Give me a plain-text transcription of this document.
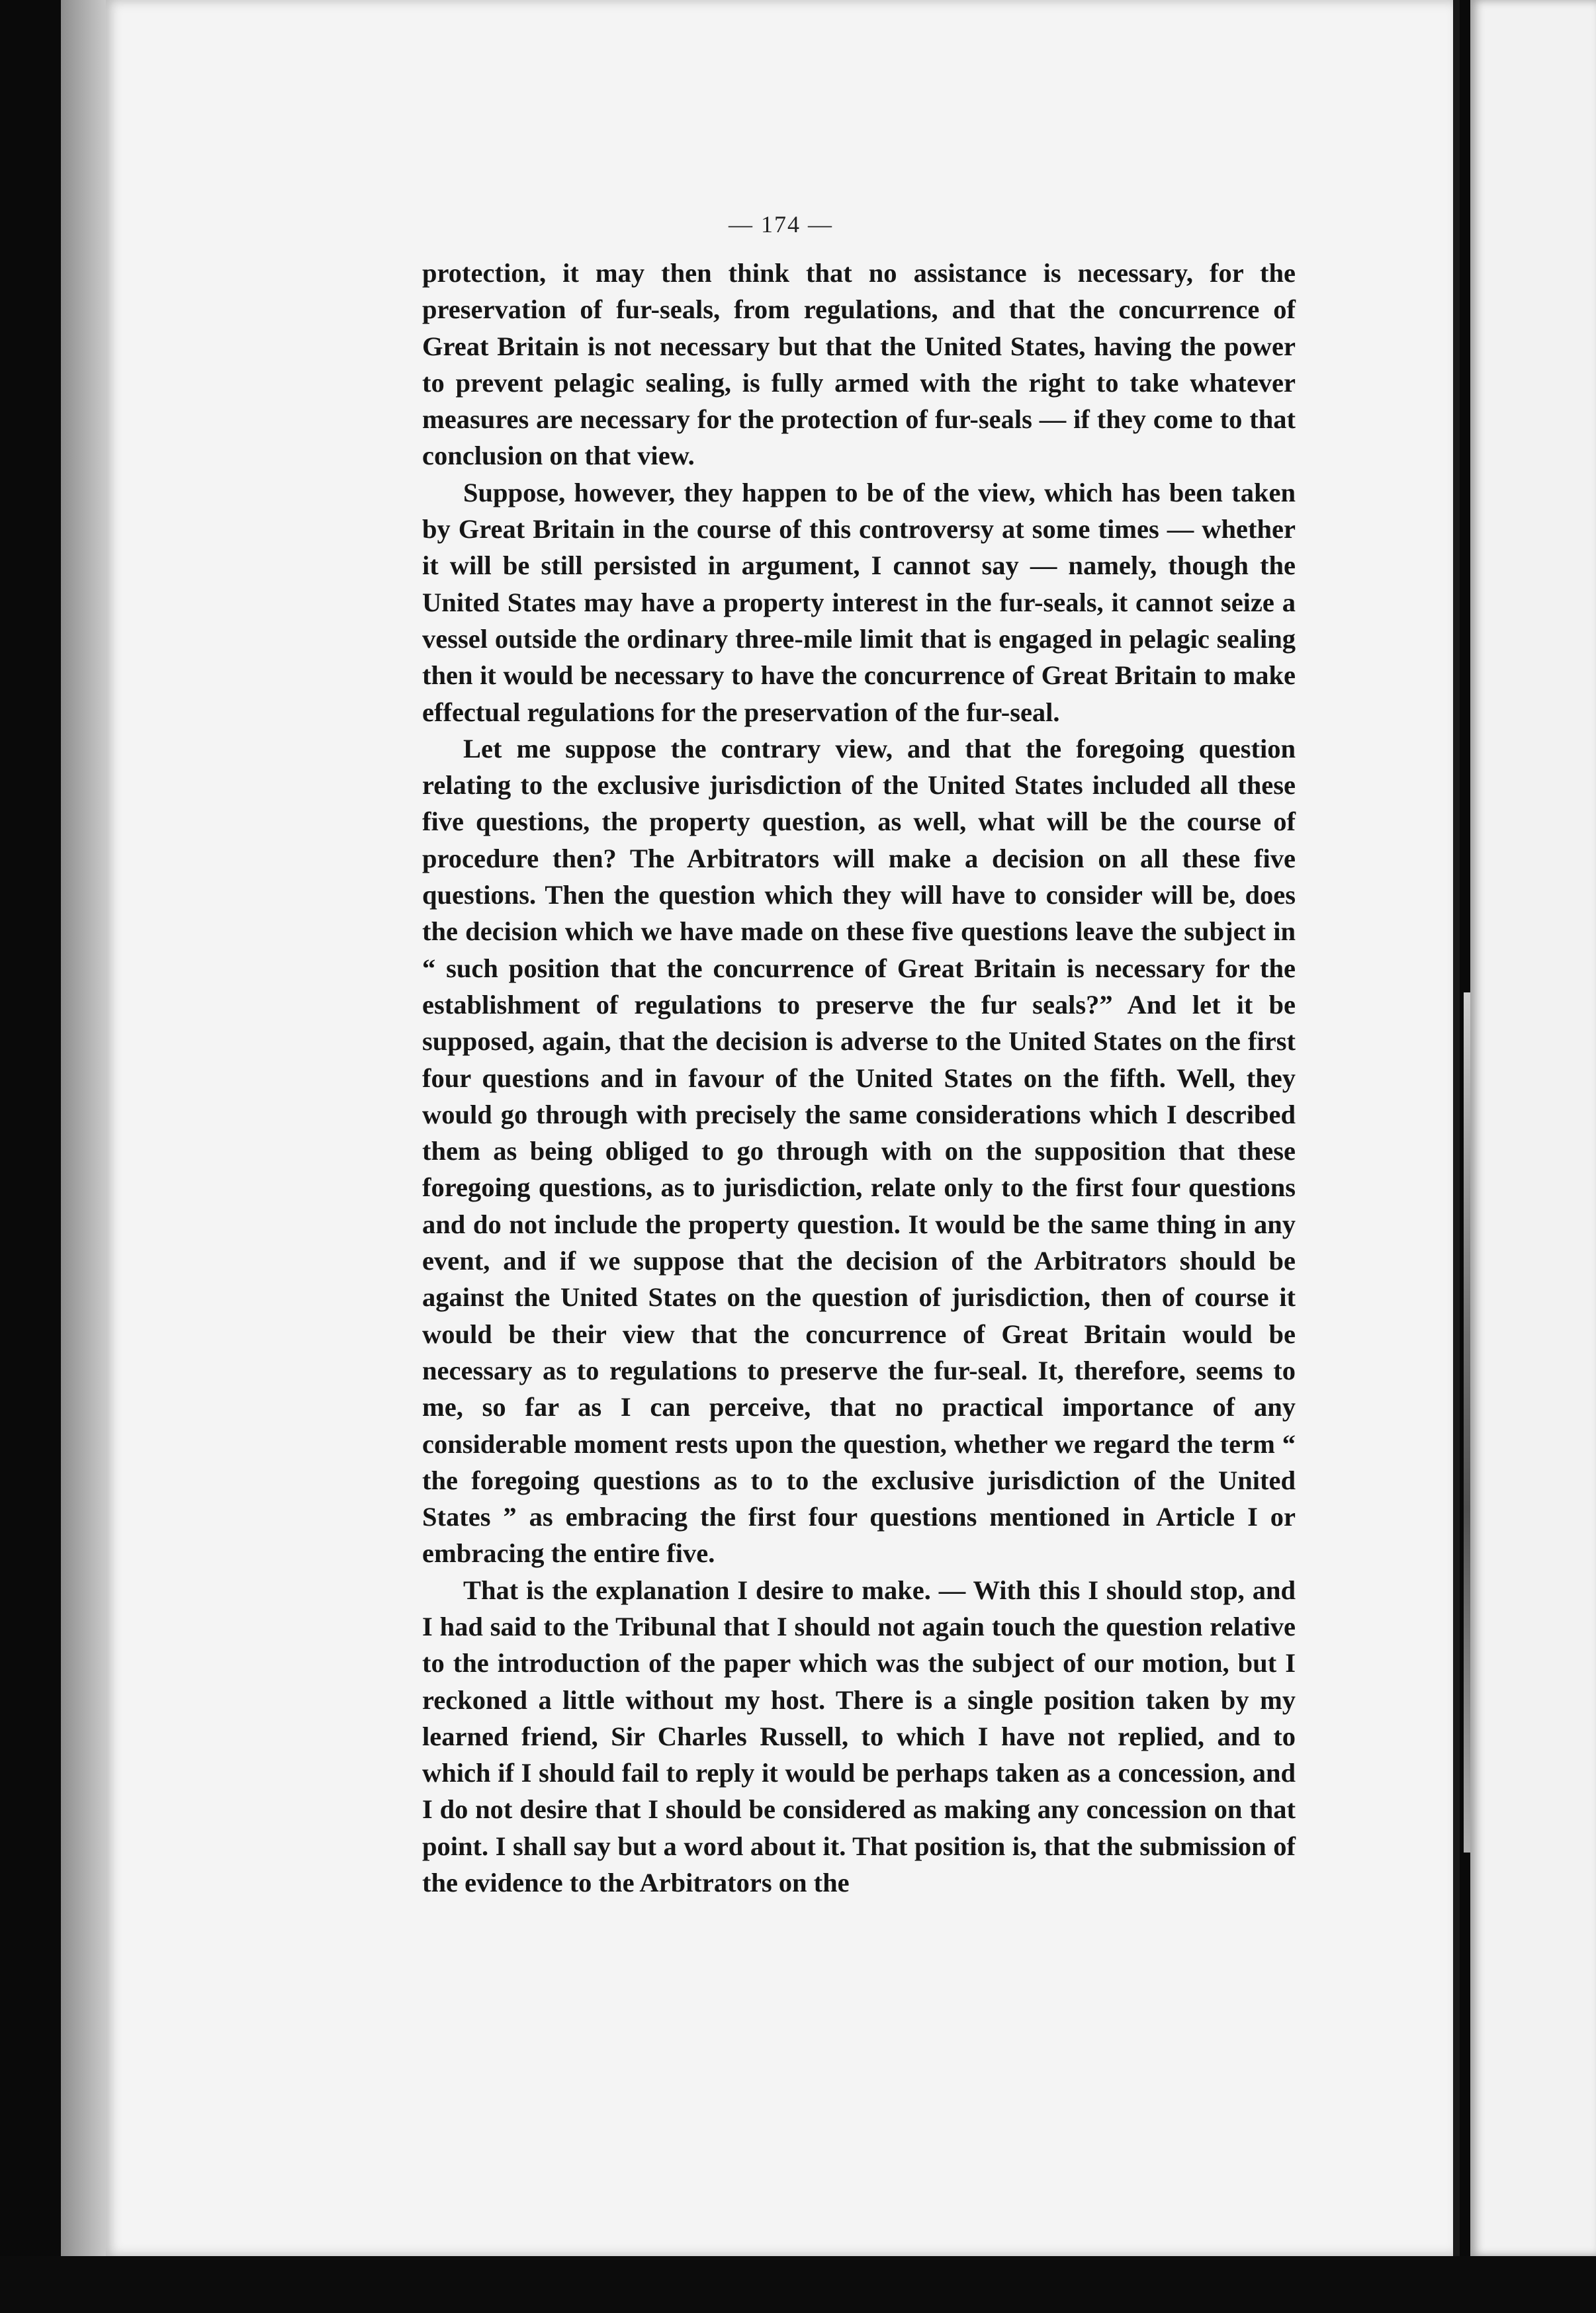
— 174 —

protection, it may then think that no assistance is necessary, for the preservation of fur-seals, from regulations, and that the concurrence of Great Britain is not necessary but that the United States, having the power to prevent pelagic sealing, is fully armed with the right to take whatever measures are necessary for the protection of fur-seals — if they come to that conclusion on that view.

Suppose, however, they happen to be of the view, which has been taken by Great Britain in the course of this controversy at some times — whether it will be still persisted in argument, I cannot say — namely, though the United States may have a property interest in the fur-seals, it cannot seize a vessel outside the ordinary three-mile limit that is engaged in pelagic sealing then it would be necessary to have the concurrence of Great Britain to make effectual regulations for the preservation of the fur-seal.

Let me suppose the contrary view, and that the foregoing question relating to the exclusive jurisdiction of the United States included all these five questions, the property question, as well, what will be the course of procedure then? The Arbitrators will make a decision on all these five questions. Then the question which they will have to consider will be, does the decision which we have made on these five questions leave the subject in “ such position that the concurrence of Great Britain is necessary for the establishment of regulations to preserve the fur seals?” And let it be supposed, again, that the decision is adverse to the United States on the first four questions and in favour of the United States on the fifth. Well, they would go through with precisely the same considerations which I described them as being obliged to go through with on the supposition that these foregoing questions, as to jurisdiction, relate only to the first four questions and do not include the property question. It would be the same thing in any event, and if we suppose that the decision of the Arbitrators should be against the United States on the question of jurisdiction, then of course it would be their view that the concurrence of Great Britain would be necessary as to regulations to preserve the fur-seal. It, therefore, seems to me, so far as I can perceive, that no practical importance of any considerable moment rests upon the question, whether we regard the term “ the foregoing questions as to to the exclusive jurisdiction of the United States ” as embracing the first four questions mentioned in Article I or embracing the entire five.

That is the explanation I desire to make. — With this I should stop, and I had said to the Tribunal that I should not again touch the question relative to the introduction of the paper which was the subject of our motion, but I reckoned a little without my host. There is a single position taken by my learned friend, Sir Charles Russell, to which I have not replied, and to which if I should fail to reply it would be perhaps taken as a concession, and I do not desire that I should be considered as making any concession on that point. I shall say but a word about it. That position is, that the submission of the evidence to the Arbitrators on the
